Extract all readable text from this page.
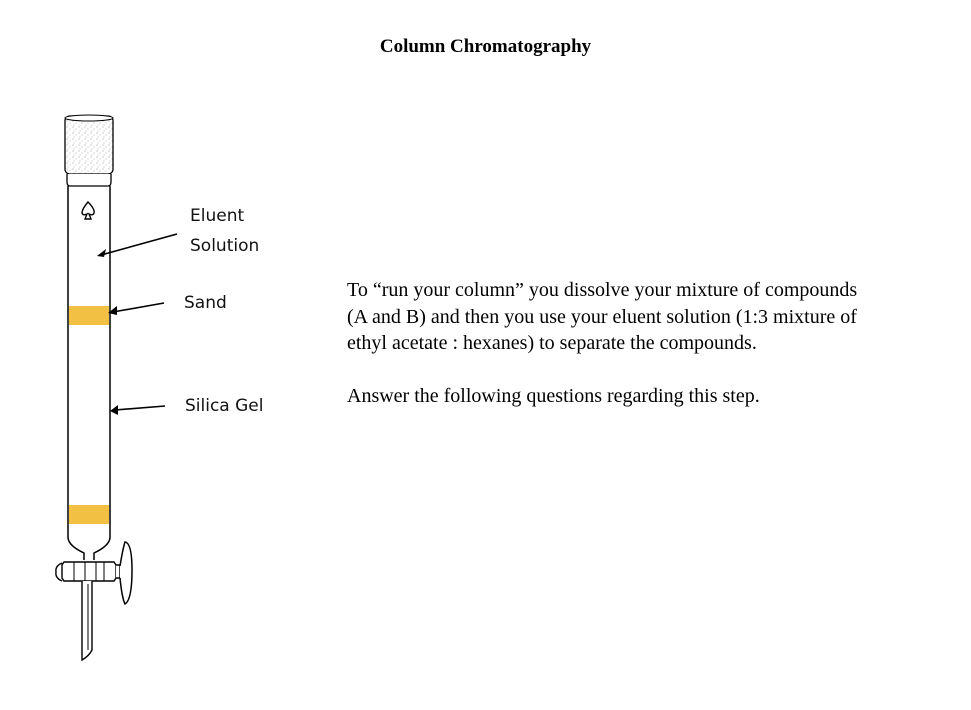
Column Chromatography
Eluent
Solution
Sand
Silica Gel
To “run your column” you dissolve your mixture of compounds
(A and B) and then you use your eluent solution (1:3 mixture of
ethyl acetate : hexanes) to separate the compounds.
Answer the following questions regarding this step.
